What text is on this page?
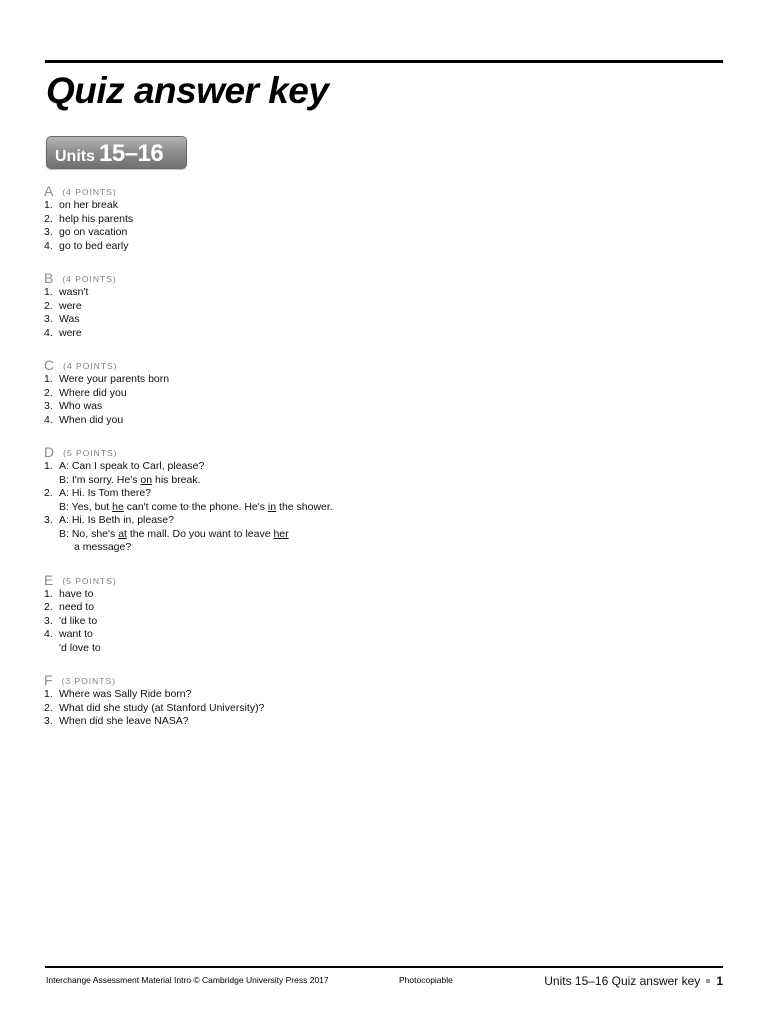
Quiz answer key
Units 15–16
A (4 POINTS)
1. on her break
2. help his parents
3. go on vacation
4. go to bed early
B (4 POINTS)
1. wasn't
2. were
3. Was
4. were
C (4 POINTS)
1. Were your parents born
2. Where did you
3. Who was
4. When did you
D (5 POINTS)
1. A: Can I speak to Carl, please?
B: I'm sorry. He's on his break.
2. A: Hi. Is Tom there?
B: Yes, but he can't come to the phone. He's in the shower.
3. A: Hi. Is Beth in, please?
B: No, she's at the mall. Do you want to leave her
a message?
E (5 POINTS)
1. have to
2. need to
3. 'd like to
4. want to
'd love to
F (3 POINTS)
1. Where was Sally Ride born?
2. What did she study (at Stanford University)?
3. When did she leave NASA?
Interchange Assessment Material Intro © Cambridge University Press 2017	Photocopiable	Units 15–16 Quiz answer key 1
